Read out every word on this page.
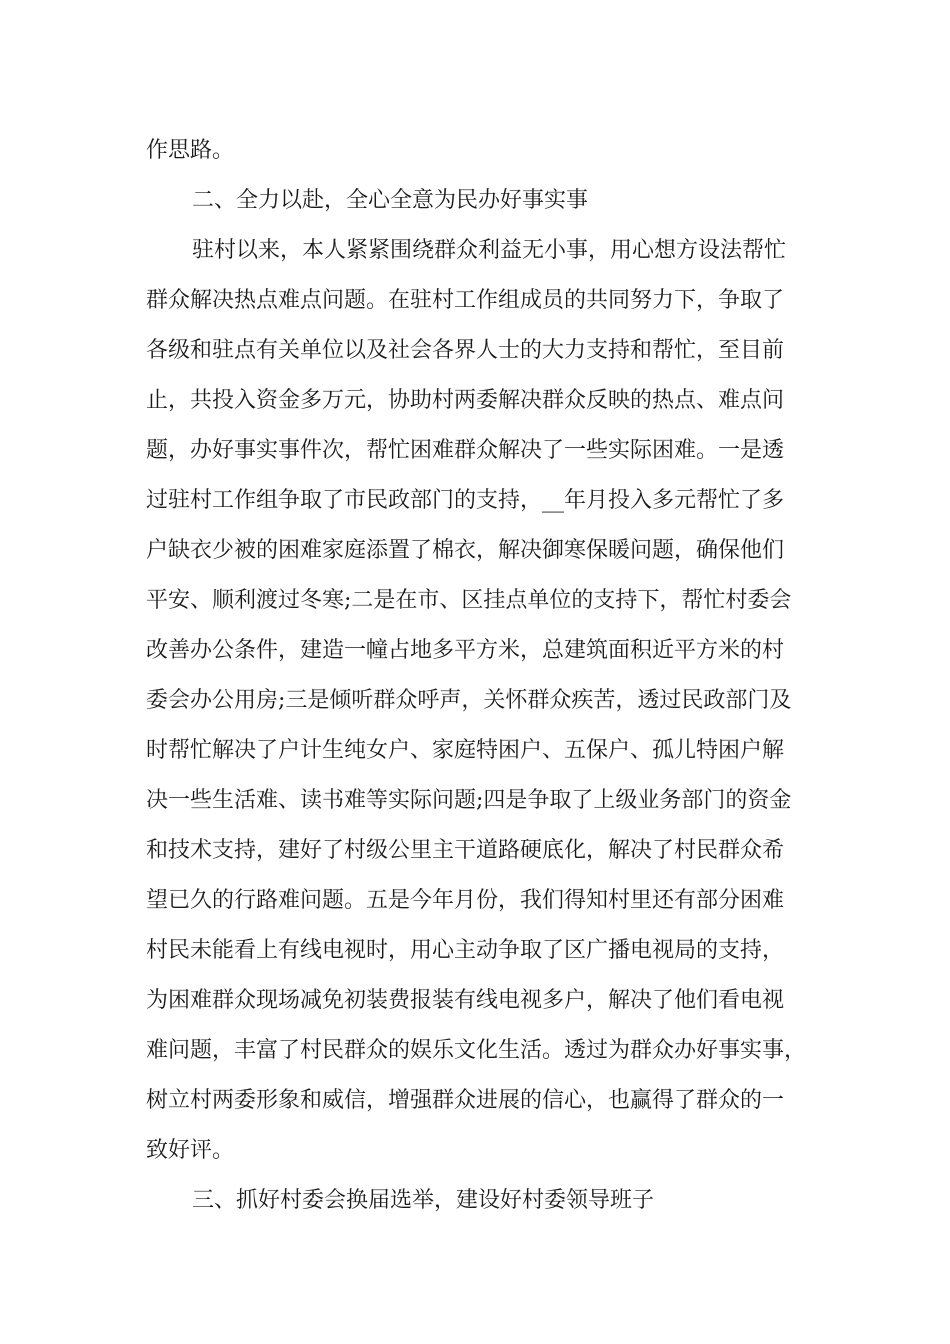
作思路。

二、全力以赴，全心全意为民办好事实事

驻村以来，本人紧紧围绕群众利益无小事，用心想方设法帮忙

群众解决热点难点问题。在驻村工作组成员的共同努力下，争取了

各级和驻点有关单位以及社会各界人士的大力支持和帮忙，至目前

止，共投入资金多万元，协助村两委解决群众反映的热点、难点问

题，办好事实事件次，帮忙困难群众解决了一些实际困难。一是透

过驻村工作组争取了市民政部门的支持，__年月投入多元帮忙了多

户缺衣少被的困难家庭添置了棉衣，解决御寒保暖问题，确保他们

平安、顺利渡过冬寒;二是在市、区挂点单位的支持下，帮忙村委会

改善办公条件，建造一幢占地多平方米，总建筑面积近平方米的村

委会办公用房;三是倾听群众呼声，关怀群众疾苦，透过民政部门及

时帮忙解决了户计生纯女户、家庭特困户、五保户、孤儿特困户解

决一些生活难、读书难等实际问题;四是争取了上级业务部门的资金

和技术支持，建好了村级公里主干道路硬底化，解决了村民群众希

望已久的行路难问题。五是今年月份，我们得知村里还有部分困难

村民未能看上有线电视时，用心主动争取了区广播电视局的支持，

为困难群众现场减免初装费报装有线电视多户，解决了他们看电视

难问题，丰富了村民群众的娱乐文化生活。透过为群众办好事实事，

树立村两委形象和威信，增强群众进展的信心，也赢得了群众的一

致好评。

三、抓好村委会换届选举，建设好村委领导班子
